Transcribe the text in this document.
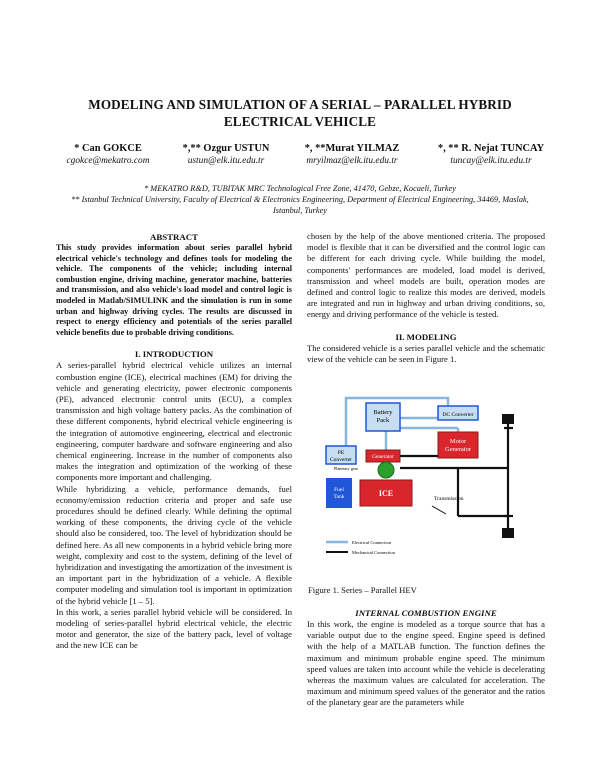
MODELING AND SIMULATION OF A SERIAL – PARALLEL HYBRID
ELECTRICAL VEHICLE
* Can GOKCE
cgokce@mekatro.com
*,** Ozgur USTUN
ustun@elk.itu.edu.tr
*, **Murat YILMAZ
mryilmaz@elk.itu.edu.tr
*, ** R. Nejat TUNCAY
tuncay@elk.itu.edu.tr
* MEKATRO R&D, TUBITAK MRC Technological Free Zone, 41470, Gebze, Kocaeli, Turkey
** Istanbul Technical University, Faculty of Electrical & Electronics Engineering, Department of Electrical Engineering, 34469, Maslak, Istanbul, Turkey

ABSTRACT

This study provides information about series parallel hybrid electrical vehicle's technology and defines tools for modeling the vehicle. The components of the vehicle; including internal combustion engine, driving machine, generator machine, batteries and transmission, and also vehicle's load model and control logic is modeled in Matlab/SIMULINK and the simulation is run in some urban and highway driving cycles. The results are discussed in respect to energy efficiency and potentials of the series parallel vehicle benefits due to probable driving conditions.

I. INTRODUCTION

A series-parallel hybrid electrical vehicle utilizes an internal combustion engine (ICE), electrical machines (EM) for driving the vehicle and generating electricity, power electronic components (PE), advanced electronic control units (ECU), a complex transmission and high voltage battery packs. As the combination of these different components, hybrid electrical vehicle engineering is the integration of automotive engineering, electrical and electronic engineering, computer hardware and software engineering and also chemical engineering. Increase in the number of components also makes the integration and optimization of the working of these components more important and challenging.

While hybridizing a vehicle, performance demands, fuel economy/emission reduction criteria and proper and safe use procedures should be defined clearly. While defining the optimal working of these components, the driving cycle of the vehicle should also be considered, too. The level of hybridization should be defined here. As all new components in a hybrid vehicle bring more weight, complexity and cost to the system, defining of the level of hybridization and investigating the amortization of the investment is an important part in the hybridization of a vehicle. A flexible computer modeling and simulation tool is important in optimization of the hybrid vehicle [1 – 5].

In this work, a series parallel hybrid vehicle will be considered. In modeling of series-parallel hybrid electrical vehicle, the electric motor and generator, the size of the battery pack, level of voltage and the new ICE can be

chosen by the help of the above mentioned criteria. The proposed model is flexible that it can be diversified and the control logic can be different for each driving cycle. While building the model, components' performances are modeled, load model is derived, transmission and wheel models are built, operation modes are defined and control logic to realize this modes are derived, models are integrated and run in highway and urban driving conditions, so, energy and driving performance of the vehicle is tested.

II. MODELING

The considered vehicle is a series parallel vehicle and the schematic view of the vehicle can be seen in Figure 1.

Battery Pack
DC Converter
Motor Generator
PE Converter	Generator
Planetary gear
Fuel Tank	ICE
Transmission
Electrical Connection
Mechanical Connection
Figure 1. Series – Parallel HEV

INTERNAL COMBUSTION ENGINE

In this work, the engine is modeled as a torque source that has a variable output due to the engine speed. Engine speed is defined with the help of a MATLAB function. The function defines the maximum and minimum probable engine speed. The minimum speed values are taken into account while the vehicle is decelerating whereas the maximum values are calculated for acceleration. The maximum and minimum speed values of the generator and the ratios of the planetary gear are the parameters while
